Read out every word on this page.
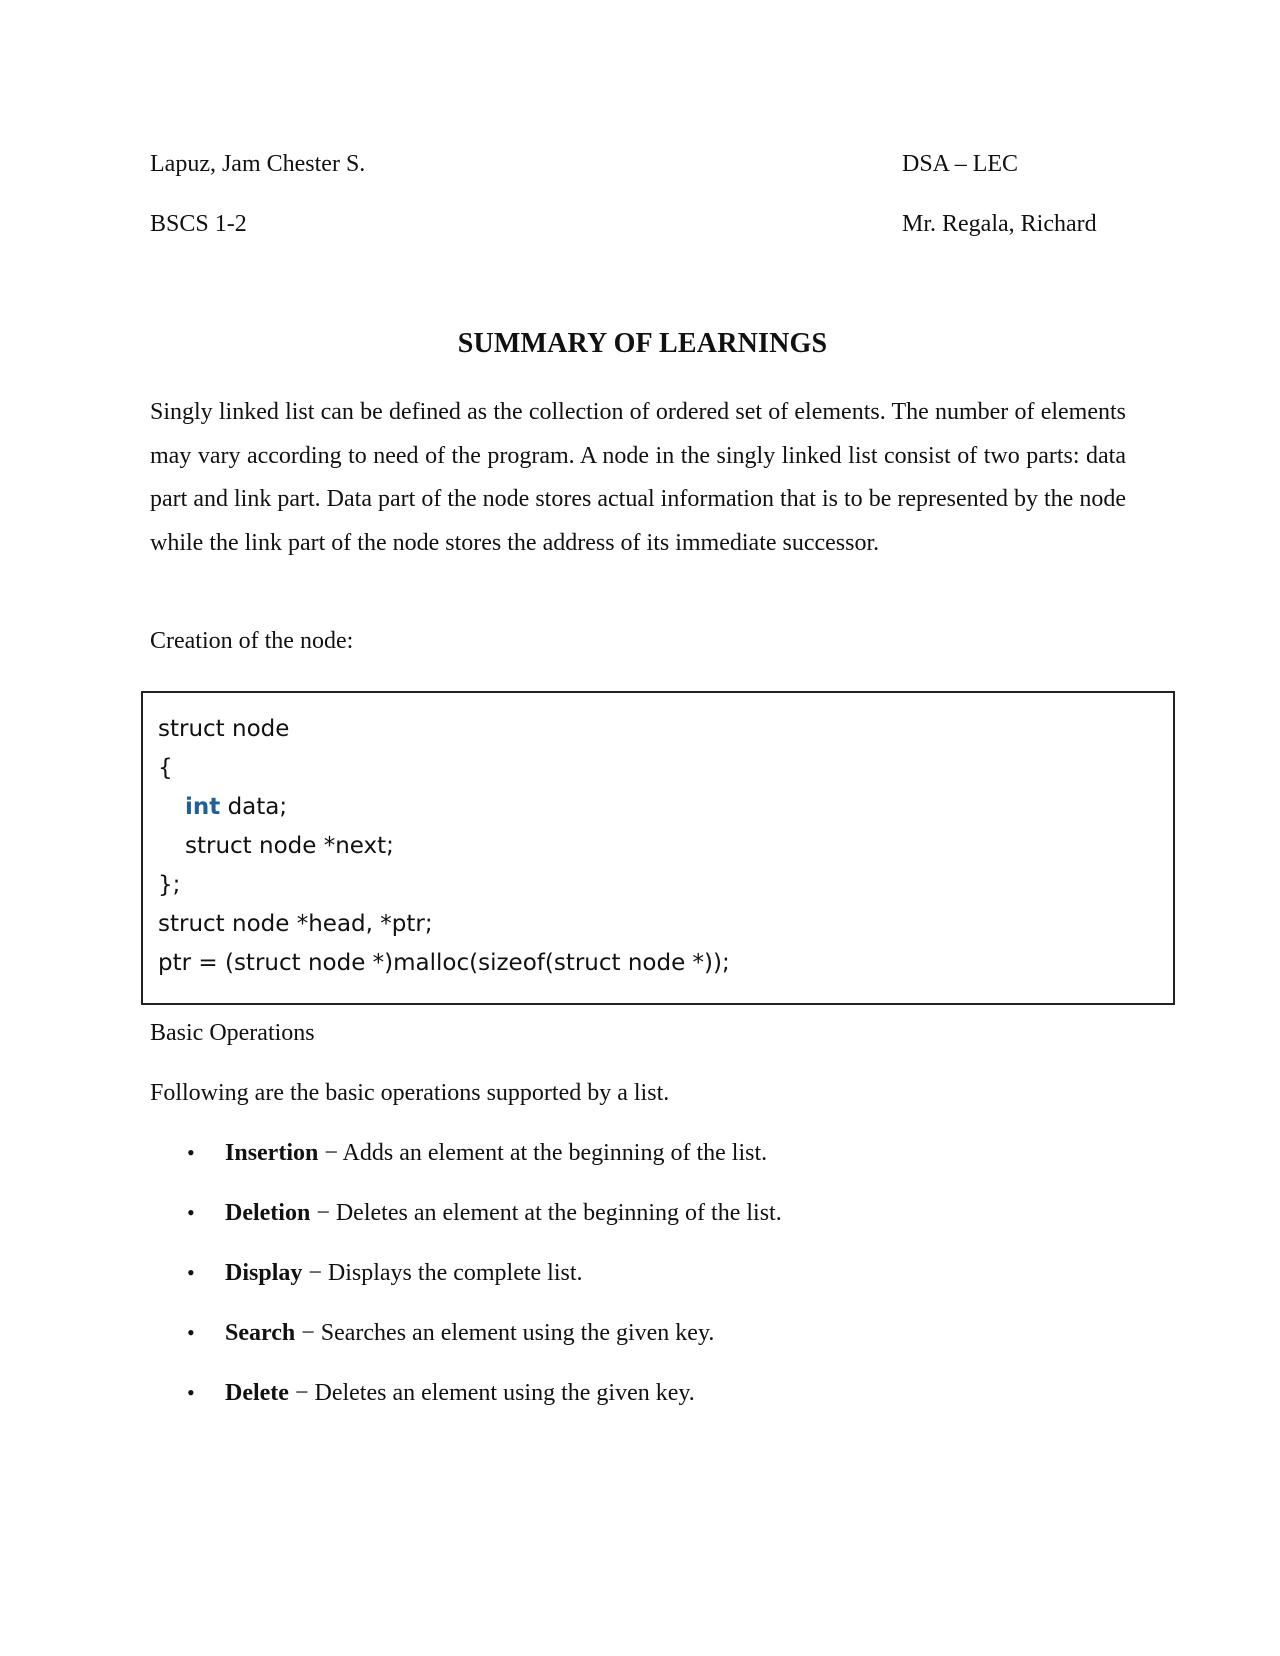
Lapuz, Jam Chester S.
BSCS 1-2
DSA – LEC
Mr. Regala, Richard
SUMMARY OF LEARNINGS

Singly linked list can be defined as the collection of ordered set of elements. The number of elements may vary according to need of the program. A node in the singly linked list consist of two parts: data part and link part. Data part of the node stores actual information that is to be represented by the node while the link part of the node stores the address of its immediate successor.

Creation of the node:
struct node
{
int data;
struct node *next;
};
struct node *head, *ptr;
ptr = (struct node *)malloc(sizeof(struct node *));
Basic Operations
Following are the basic operations supported by a list.
• Insertion − Adds an element at the beginning of the list.
• Deletion − Deletes an element at the beginning of the list.
• Display − Displays the complete list.
• Search − Searches an element using the given key.
• Delete − Deletes an element using the given key.
